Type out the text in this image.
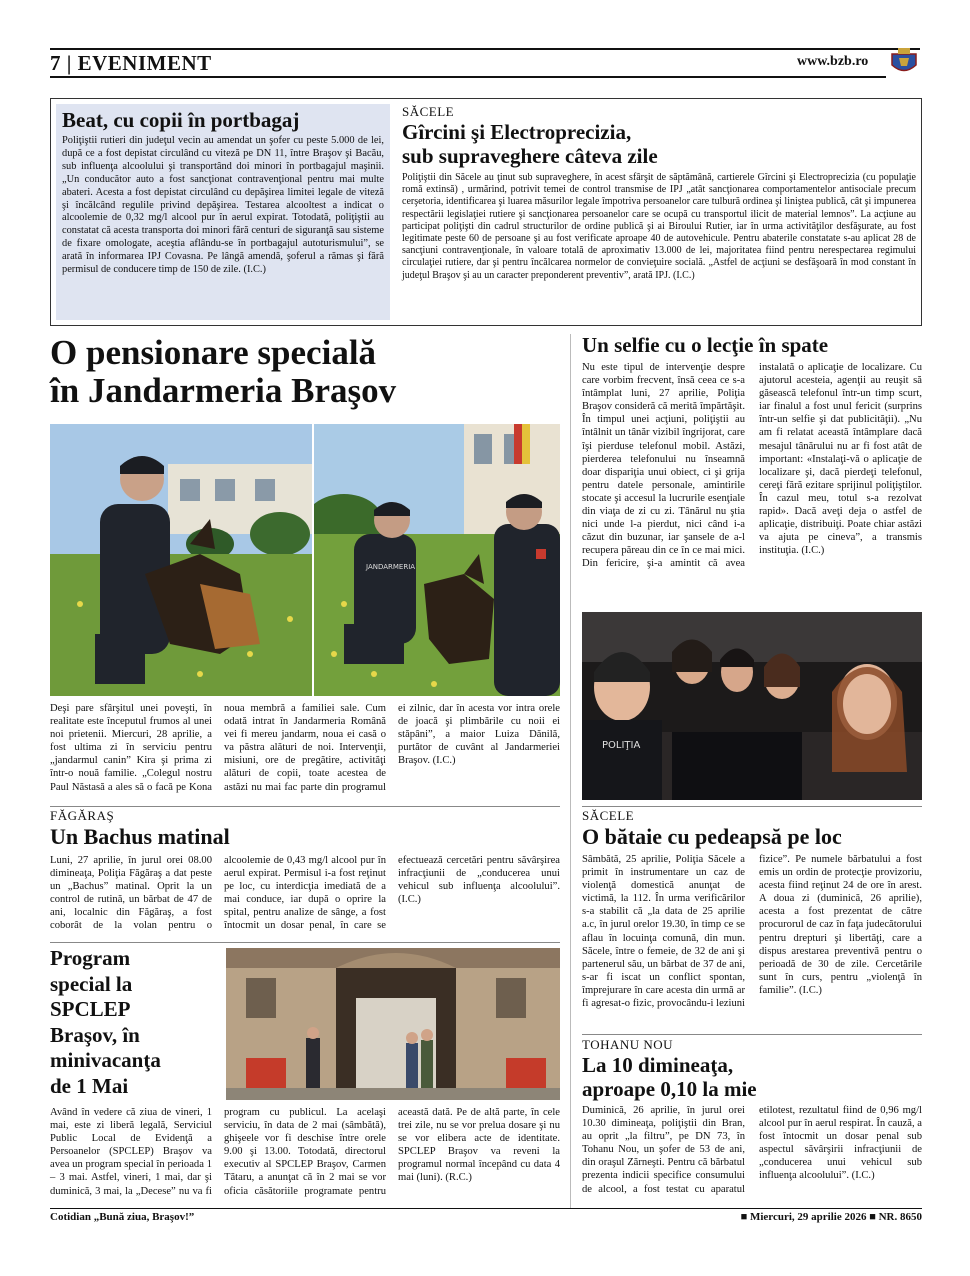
7 | EVENIMENT	www.bzb.ro
Beat, cu copii în portbagaj
Poliţiştii rutieri din judeţul vecin au amendat un şofer cu peste 5.000 de lei, după ce a fost depistat circulând cu viteză pe DN 11, între Braşov şi Bacău, sub influenţa alcoolului şi transportând doi minori în portbagajul maşinii. „Un conducător auto a fost sancţionat contravenţional pentru mai multe abateri. Acesta a fost depistat circulând cu depăşirea limitei legale de viteză şi încălcând regulile privind depăşirea. Testarea alcooltest a indicat o alcoolemie de 0,32 mg/l alcool pur în aerul expirat. Totodată, poliţiştii au constatat că acesta transporta doi minori fără centuri de siguranţă sau sisteme de fixare omologate, aceştia aflându-se în portbagajul autoturismului”, se arată în informarea IPJ Covasna. Pe lângă amendă, şoferul a rămas şi fără permisul de conducere timp de 150 de zile. (I.C.)
SĂCELE
Gîrcini şi Electroprecizia,
sub supraveghere câteva zile
Poliţiştii din Săcele au ţinut sub supraveghere, în acest sfârşit de săptămână, cartierele Gîrcini şi Electroprecizia (cu populaţie romă extinsă) , urmărind, potrivit temei de control transmise de IPJ „atât sancţionarea comportamentelor antisociale precum cerşetoria, identificarea şi luarea măsurilor legale împotriva persoanelor care tulbură ordinea şi liniştea publică, cât şi impunerea respectării legislaţiei rutiere şi sancţionarea persoanelor care se ocupă cu transportul ilicit de material lemnos”. La acţiune au participat poliţişti din cadrul structurilor de ordine publică şi ai Biroului Rutier, iar în urma activităţilor desfăşurate, au fost legitimate peste 60 de persoane şi au fost verificate aproape 40 de autovehicule. Pentru abaterile constatate s-au aplicat 28 de sancţiuni contravenţionale, în valoare totală de aproximativ 13.000 de lei, majoritatea fiind pentru nerespectarea regimului circulaţiei rutiere, dar şi pentru încălcarea normelor de convieţuire socială. „Astfel de acţiuni se desfăşoară în mod constant în judeţul Braşov şi au un caracter preponderent preventiv”, arată IPJ. (I.C.)
O pensionare specială
în Jandarmeria Braşov
JANDARMERIA
Deşi pare sfârşitul unei poveşti, în realitate este începutul frumos al unei noi prietenii. Miercuri, 28 aprilie, a fost ultima zi în serviciu pentru „jandarmul canin” Kira şi prima zi într-o nouă familie. „Colegul nostru Paul Năstasă a ales să o facă pe Kona noua membră a familiei sale. Cum odată intrat în Jandarmeria Română vei fi mereu jandarm, noua ei casă o va păstra alături de noi. Intervenţii, misiuni, ore de pregătire, activităţi alături de copii, toate acestea de astăzi nu mai fac parte din programul ei zilnic, dar în acesta vor intra orele de joacă şi plimbările cu noii ei stăpâni”, a maior Luiza Dănilă, purtător de cuvânt al Jandarmeriei Braşov. (I.C.)
Un selfie cu o lecţie în spate
Nu este tipul de intervenţie despre care vorbim frecvent, însă ceea ce s-a întâmplat luni, 27 aprilie, Poliţia Braşov consideră că merită împărtăşit. În timpul unei acţiuni, poliţiştii au întâlnit un tânăr vizibil îngrijorat, care îşi pierduse telefonul mobil. Astăzi, pierderea telefonului nu înseamnă doar dispariţia unui obiect, ci şi grija pentru datele personale, amintirile stocate şi accesul la lucrurile esenţiale din viaţa de zi cu zi. Tânărul nu ştia nici unde l-a pierdut, nici când i-a căzut din buzunar, iar şansele de a-l recupera păreau din ce în ce mai mici. Din fericire, şi-a amintit că avea instalată o aplicaţie de localizare. Cu ajutorul acesteia, agenţii au reuşit să găsească telefonul într-un timp scurt, iar finalul a fost unul fericit (surprins într-un selfie şi dat publicităţii). „Nu am fi relatat această întâmplare dacă mesajul tânărului nu ar fi fost atât de important: «Instalaţi-vă o aplicaţie de localizare şi, dacă pierdeţi telefonul, cereţi fără ezitare sprijinul poliţiştilor. În cazul meu, totul s-a rezolvat rapid». Dacă aveţi deja o astfel de aplicaţie, distribuiţi. Poate chiar astăzi va ajuta pe cineva”, a transmis instituţia. (I.C.)
POLIŢIA
FĂGĂRAŞ
Un Bachus matinal
Luni, 27 aprilie, în jurul orei 08.00 dimineaţa, Poliţia Făgăraş a dat peste un „Bachus” matinal. Oprit la un control de rutină, un bărbat de 47 de ani, localnic din Făgăraş, a fost coborât de la volan pentru o alcoolemie de 0,43 mg/l alcool pur în aerul expirat. Permisul i-a fost reţinut pe loc, cu interdicţia imediată de a mai conduce, iar după o oprire la spital, pentru analize de sânge, a fost întocmit un dosar penal, în care se efectuează cercetări pentru săvârşirea infracţiunii de „conducerea unui vehicul sub influenţa alcoolului”. (I.C.)
SĂCELE
O bătaie cu pedeapsă pe loc
Sâmbătă, 25 aprilie, Poliţia Săcele a primit în instrumentare un caz de violenţă domestică anunţat de victimă, la 112. În urma verificărilor s-a stabilit că „la data de 25 aprilie a.c, în jurul orelor 19.30, în timp ce se aflau în locuinţa comună, din mun. Săcele, între o femeie, de 32 de ani şi partenerul său, un bărbat de 37 de ani, s-ar fi iscat un conflict spontan, împrejurare în care acesta din urmă ar fi agresat-o fizic, provocându-i leziuni fizice”. Pe numele bărbatului a fost emis un ordin de protecţie provizoriu, acesta fiind reţinut 24 de ore în arest. A doua zi (duminică, 26 aprilie), acesta a fost prezentat de către procurorul de caz în faţa judecătorului pentru drepturi şi libertăţi, care a dispus arestarea preventivă pentru o perioadă de 30 de zile. Cercetările sunt în curs, pentru „violenţă în familie”. (I.C.)
Program
special la
SPCLEP
Braşov, în
minivacanţa
de 1 Mai
Având în vedere că ziua de vineri, 1 mai, este zi liberă legală, Serviciul Public Local de Evidenţă a Persoanelor (SPCLEP) Braşov va avea un program special în perioada 1 – 3 mai. Astfel, vineri, 1 mai, dar şi duminică, 3 mai, la „Decese” nu va fi program cu publicul. La acelaşi serviciu, în data de 2 mai (sâmbătă), ghişeele vor fi deschise între orele 9.00 şi 13.00. Totodată, directorul executiv al SPCLEP Braşov, Carmen Tătaru, a anunţat că în 2 mai se vor oficia căsătoriile programate pentru această dată. Pe de altă parte, în cele trei zile, nu se vor prelua dosare şi nu se vor elibera acte de identitate. SPCLEP Braşov va reveni la programul normal începând cu data 4 mai (luni). (R.C.)
TOHANU NOU
La 10 dimineaţa,
aproape 0,10 la mie
Duminică, 26 aprilie, în jurul orei 10.30 dimineaţa, poliţiştii din Bran, au oprit „la filtru”, pe DN 73, în Tohanu Nou, un şofer de 53 de ani, din oraşul Zărneşti. Pentru că bărbatul prezenta indicii specifice consumului de alcool, a fost testat cu aparatul etilotest, rezultatul fiind de 0,96 mg/l alcool pur în aerul respirat. În cauză, a fost întocmit un dosar penal sub aspectul săvârşirii infracţiunii de „conducerea unui vehicul sub influenţa alcoolului”. (I.C.)
Cotidian „Bună ziua, Braşov!”	■ Miercuri, 29 aprilie 2026 ■ NR. 8650
